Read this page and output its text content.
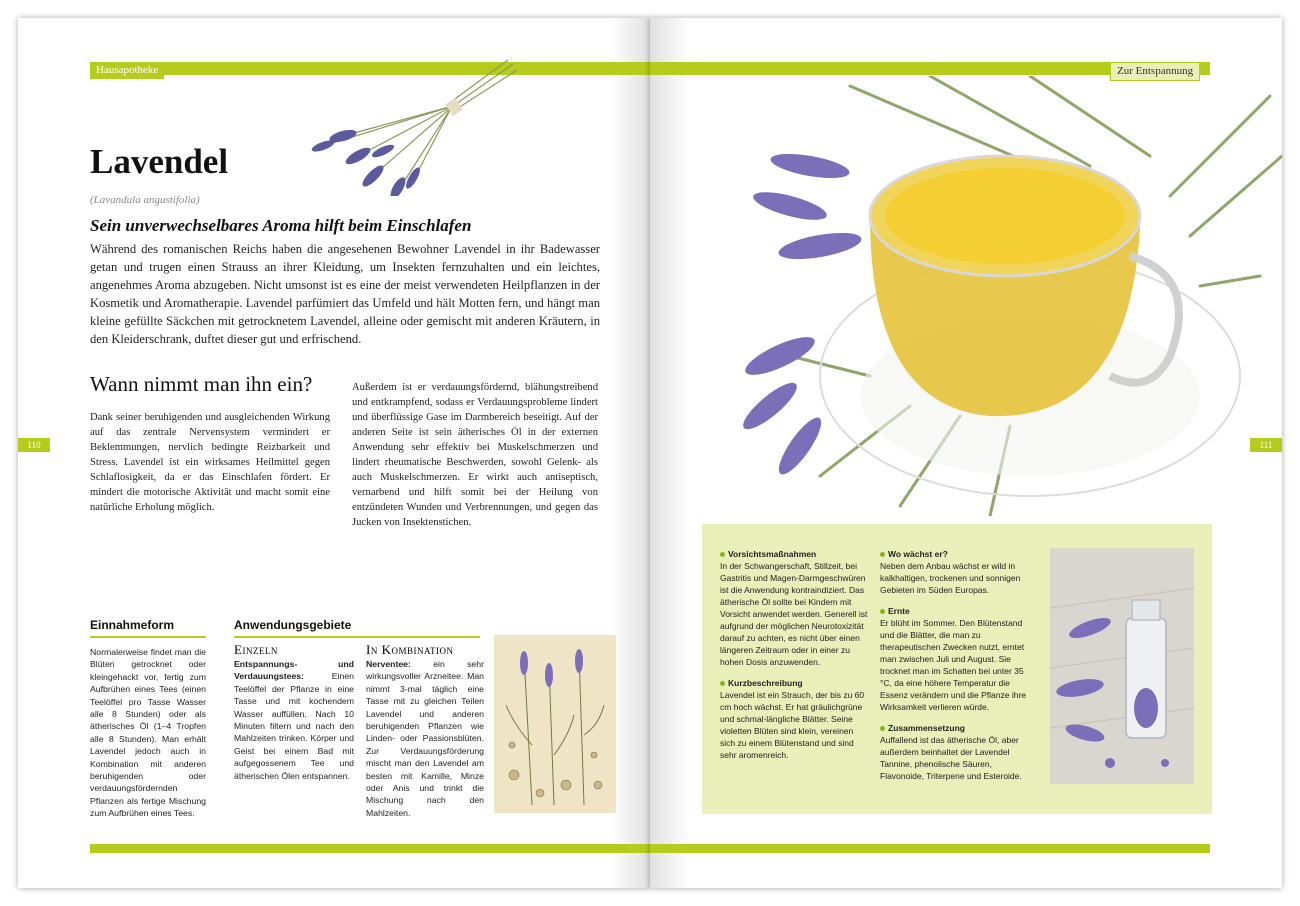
Hausapotheke
110
Lavendel
(Lavandula angustifolia)
Sein unverwechselbares Aroma hilft beim Einschlafen

Während des romanischen Reichs haben die angesehenen Bewohner Lavendel in ihr Badewasser getan und trugen einen Strauss an ihrer Kleidung, um Insekten fernzuhalten und ein leichtes, angenehmes Aroma abzugeben. Nicht umsonst ist es eine der meist verwendeten Heilpflanzen in der Kosmetik und Aromatherapie. Lavendel parfümiert das Umfeld und hält Motten fern, und hängt man kleine gefüllte Säckchen mit getrocknetem Lavendel, alleine oder gemischt mit anderen Kräutern, in den Kleiderschrank, duftet dieser gut und erfrischend.

Wann nimmt man ihn ein?

Dank seiner beruhigenden und ausgleichenden Wirkung auf das zentrale Nervensystem vermindert er Beklemmungen, nervlich bedingte Reizbarkeit und Stress. Lavendel ist ein wirksames Heilmittel gegen Schlaflosigkeit, da er das Einschlafen fördert. Er mindert die motorische Aktivität und macht somit eine natürliche Erholung möglich.

Außerdem ist er verdauungsfördernd, blähungstreibend und entkrampfend, sodass er Verdauungsprobleme lindert und überflüssige Gase im Darmbereich beseitigt. Auf der anderen Seite ist sein ätherisches Öl in der externen Anwendung sehr effektiv bei Muskelschmerzen und lindert rheumatische Beschwerden, sowohl Gelenk- als auch Muskelschmerzen. Er wirkt auch antiseptisch, vernarbend und hilft somit bei der Heilung von entzündeten Wunden und Verbrennungen, und gegen das Jucken von Insektenstichen.

Einnahmeform

Normalerweise findet man die Blüten getrocknet oder kleingehackt vor, fertig zum Aufbrühen eines Tees (einen Teelöffel pro Tasse Wasser alle 8 Stunden) oder als ätherisches Öl (1–4 Tropfen alle 8 Stunden). Man erhält Lavendel jedoch auch in Kombination mit anderen beruhigenden oder verdauungsfördernden Pflanzen als fertige Mischung zum Aufbrühen eines Tees.

Anwendungsgebiete
Einzeln

Entspannungs- und Verdauungstees: Einen Teelöffel der Pflanze in eine Tasse und mit kochendem Wasser auffüllen. Nach 10 Minuten filtern und nach den Mahlzeiten trinken. Körper und Geist bei einem Bad mit aufgegossenem Tee und ätherischen Ölen entspannen.

In Kombination

Nerventee: ein sehr wirkungsvoller Arzneitee. Man nimmt 3-mal täglich eine Tasse mit zu gleichen Teilen Lavendel und anderen beruhigenden Pflanzen wie Linden- oder Passionsblüten. Zur Verdauungsförderung mischt man den Lavendel am besten mit Kamille, Minze oder Anis und trinkt die Mischung nach den Mahlzeiten.

Zur Entspannung
111
Vorsichtsmaßnahmen
In der Schwangerschaft, Stillzeit, bei Gastritis und Magen-Darmgeschwüren ist die Anwendung kontraindiziert. Das ätherische Öl sollte bei Kindern mit Vorsicht anwendet werden. Generell ist aufgrund der möglichen Neurotoxizität darauf zu achten, es nicht über einen längeren Zeitraum oder in einer zu hohen Dosis anzuwenden.
Kurzbeschreibung
Lavendel ist ein Strauch, der bis zu 60 cm hoch wächst. Er hat gräulichgrüne und schmal-längliche Blätter. Seine violetten Blüten sind klein, vereinen sich zu einem Blütenstand und sind sehr aromenreich.
Wo wächst er?
Neben dem Anbau wächst er wild in kalkhaltigen, trockenen und sonnigen Gebieten im Süden Europas.
Ernte
Er blüht im Sommer. Den Blütenstand und die Blätter, die man zu therapeutischen Zwecken nutzt, erntet man zwischen Juli und August. Sie trocknet man im Schatten bei unter 35 °C, da eine höhere Temperatur die Essenz verändern und die Pflanze ihre Wirksamkeit verlieren würde.
Zusammensetzung
Auffallend ist das ätherische Öl, aber außerdem beinhaltet der Lavendel Tannine, phenolische Säuren, Flavonoide, Triterpene und Esteroide.
